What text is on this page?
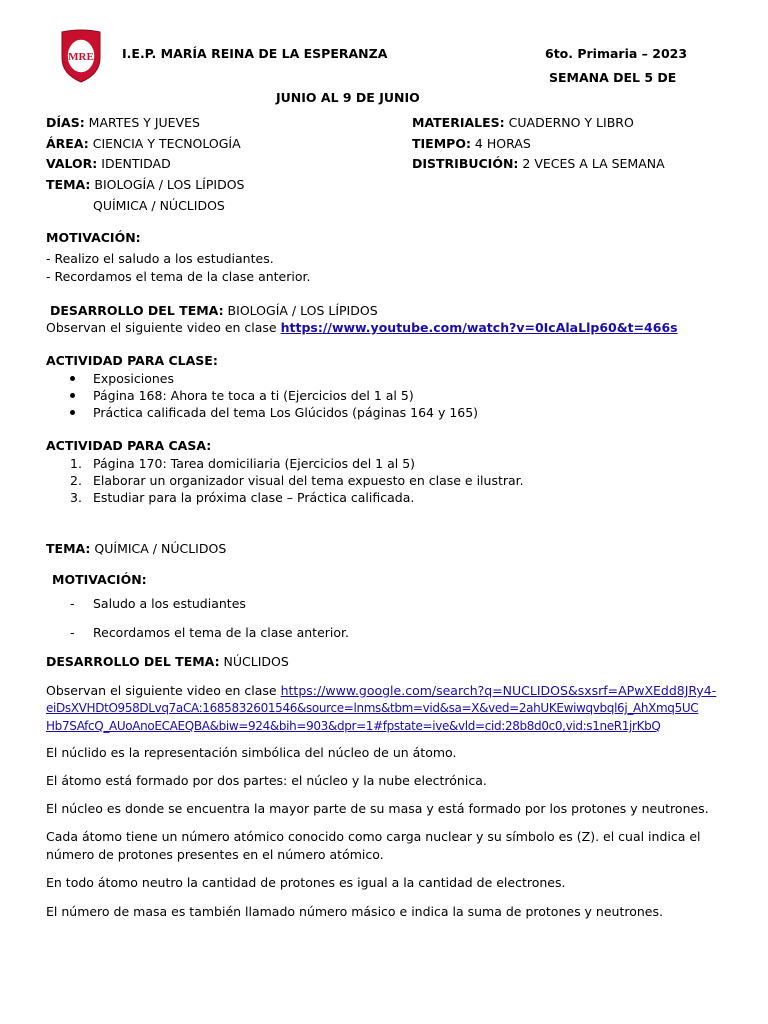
MRE I.E.P. MARÍA REINA DE LA ESPERANZA	6to. Primaria – 2023
SEMANA DEL 5 DE
JUNIO AL 9 DE JUNIO
DÍAS: MARTES Y JUEVES
ÁREA: CIENCIA Y TECNOLOGÍA
VALOR: IDENTIDAD
TEMA: BIOLOGÍA / LOS LÍPIDOS
QUÍMICA / NÚCLIDOS
MATERIALES: CUADERNO Y LIBRO
TIEMPO: 4 HORAS
DISTRIBUCIÓN: 2 VECES A LA SEMANA
MOTIVACIÓN:
- Realizo el saludo a los estudiantes.
- Recordamos el tema de la clase anterior.
DESARROLLO DEL TEMA: BIOLOGÍA / LOS LÍPIDOS
Observan el siguiente video en clase https://www.youtube.com/watch?v=0IcAlaLlp60&t=466s
ACTIVIDAD PARA CLASE:
Exposiciones
Página 168: Ahora te toca a ti (Ejercicios del 1 al 5)
Práctica calificada del tema Los Glúcidos (páginas 164 y 165)
ACTIVIDAD PARA CASA:
1. Página 170: Tarea domiciliaria (Ejercicios del 1 al 5)
2. Elaborar un organizador visual del tema expuesto en clase e ilustrar.
3. Estudiar para la próxima clase – Práctica calificada.
TEMA: QUÍMICA / NÚCLIDOS
MOTIVACIÓN:
- Saludo a los estudiantes
- Recordamos el tema de la clase anterior.
DESARROLLO DEL TEMA: NÚCLIDOS
Observan el siguiente video en clase https://www.google.com/search?q=NUCLIDOS&sxsrf=APwXEdd8JRy4-
eiDsXVHDtO958DLvq7aCA:1685832601546&source=lnms&tbm=vid&sa=X&ved=2ahUKEwiwqvbql6j_AhXmq5UC
Hb7SAfcQ_AUoAnoECAEQBA&biw=924&bih=903&dpr=1#fpstate=ive&vld=cid:28b8d0c0,vid:s1neR1jrKbQ
El núclido es la representación simbólica del núcleo de un átomo.
El átomo está formado por dos partes: el núcleo y la nube electrónica.
El núcleo es donde se encuentra la mayor parte de su masa y está formado por los protones y neutrones.
Cada átomo tiene un número atómico conocido como carga nuclear y su símbolo es (Z). el cual indica el número de protones presentes en el número atómico.
En todo átomo neutro la cantidad de protones es igual a la cantidad de electrones.
El número de masa es también llamado número másico e indica la suma de protones y neutrones.
